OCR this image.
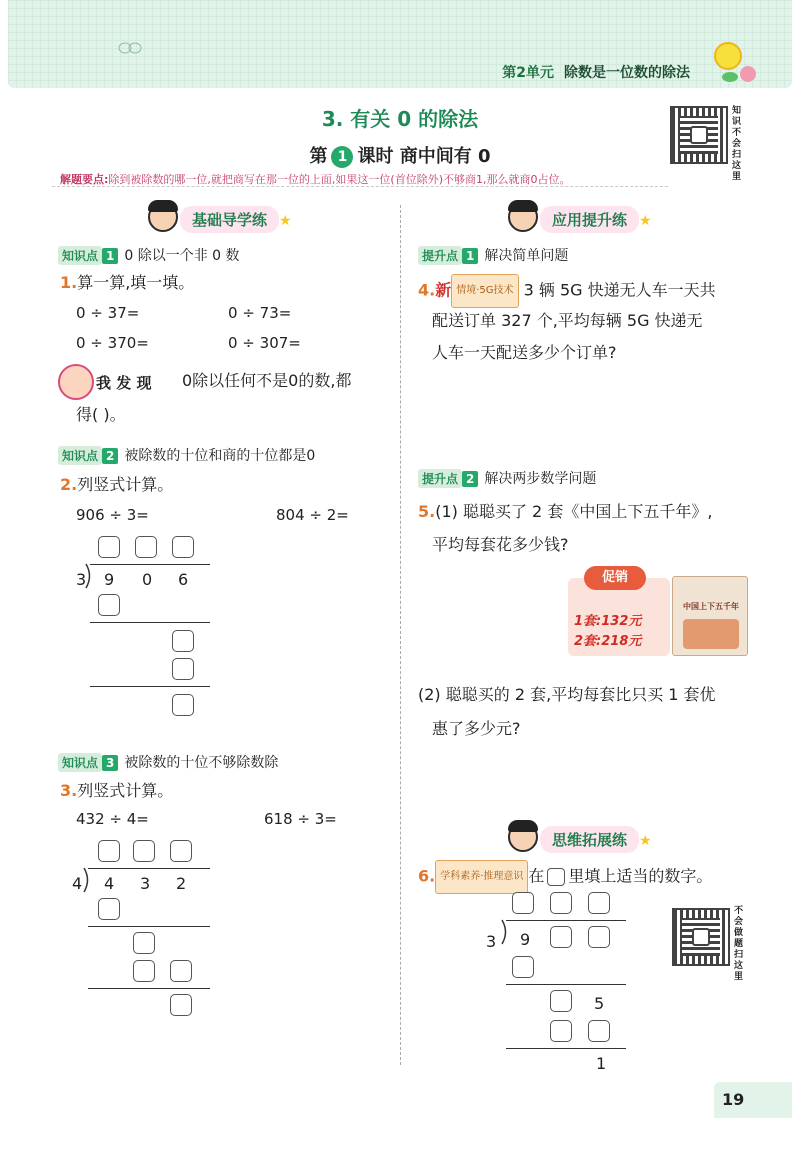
第2单元 除数是一位数的除法
3. 有关 0 的除法
第 1 课时 商中间有 0
知识不会扫这里
解题要点:除到被除数的哪一位,就把商写在那一位的上面,如果这一位(首位除外)不够商1,那么就商0占位。
基础导学练 ★
知识点 1 0 除以一个非 0 数
1.算一算,填一填。
0 ÷ 37=	0 ÷ 73=
0 ÷ 370=	0 ÷ 307=
我 发 现 0除以任何不是0的数,都
得( )。
知识点 2 被除数的十位和商的十位都是0
2.列竖式计算。
906 ÷ 3=	804 ÷ 2=
3 9 0 6
知识点 3 被除数的十位不够除数除
3.列竖式计算。
432 ÷ 4=	618 ÷ 3=
4 4 3 2
应用提升练 ★
提升点 1 解决简单问题
4.新 情境·5G技术 3 辆 5G 快递无人车一天共
配送订单 327 个,平均每辆 5G 快递无
人车一天配送多少个订单?
提升点 2 解决两步数学问题
5.(1) 聪聪买了 2 套《中国上下五千年》,
平均每套花多少钱?
促销
1套:132元
2套:218元
中国上下五千年
(2) 聪聪买的 2 套,平均每套比只买 1 套优
惠了多少元?
思维拓展练 ★
6. 学科素养·推理意识 在 里填上适当的数字。
3 9
5
1
不会做题扫这里
19
